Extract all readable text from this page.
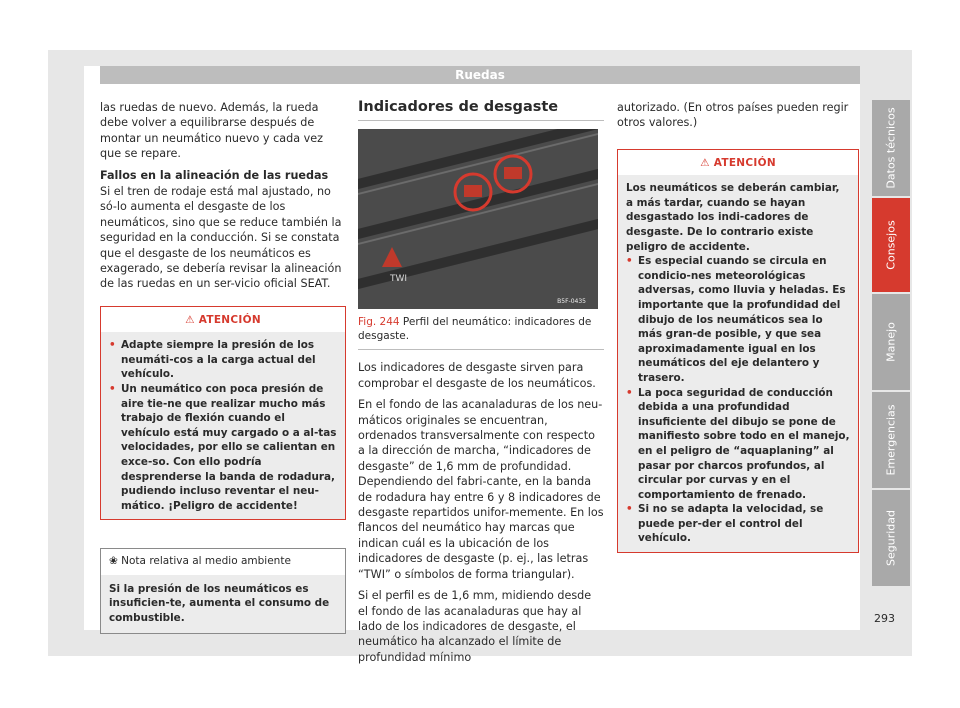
Ruedas

las ruedas de nuevo. Además, la rueda debe volver a equilibrarse después de montar un neumático nuevo y cada vez que se repare.

Fallos en la alineación de las ruedas

Si el tren de rodaje está mal ajustado, no só-lo aumenta el desgaste de los neumáticos, sino que se reduce también la seguridad en la conducción. Si se constata que el desgaste de los neumáticos es exagerado, se debería revisar la alineación de las ruedas en un ser-vicio oficial SEAT.

⚠ ATENCIÓN
• Adapte siempre la presión de los neumáti-cos a la carga actual del vehículo.
• Un neumático con poca presión de aire tie-ne que realizar mucho más trabajo de flexión cuando el vehículo está muy cargado o a al-tas velocidades, por ello se calientan en exce-so. Con ello podría desprenderse la banda de rodadura, pudiendo incluso reventar el neu-mático. ¡Peligro de accidente!
❀ Nota relativa al medio ambiente
Si la presión de los neumáticos es insuficien-te, aumenta el consumo de combustible.
Indicadores de desgaste
TWI
B5F-0435

Fig. 244 Perfil del neumático: indicadores de desgaste.

Los indicadores de desgaste sirven para comprobar el desgaste de los neumáticos.

En el fondo de las acanaladuras de los neu-máticos originales se encuentran, ordenados transversalmente con respecto a la dirección de marcha, “indicadores de desgaste” de 1,6 mm de profundidad. Dependiendo del fabri-cante, en la banda de rodadura hay entre 6 y 8 indicadores de desgaste repartidos unifor-memente. En los flancos del neumático hay marcas que indican cuál es la ubicación de los indicadores de desgaste (p. ej., las letras “TWI” o símbolos de forma triangular).

Si el perfil es de 1,6 mm, midiendo desde el fondo de las acanaladuras que hay al lado de los indicadores de desgaste, el neumático ha alcanzado el límite de profundidad mínimo

autorizado. (En otros países pueden regir otros valores.)

⚠ ATENCIÓN
Los neumáticos se deberán cambiar, a más tardar, cuando se hayan desgastado los indi-cadores de desgaste. De lo contrario existe peligro de accidente.
• Es especial cuando se circula en condicio-nes meteorológicas adversas, como lluvia y heladas. Es importante que la profundidad del dibujo de los neumáticos sea lo más gran-de posible, y que sea aproximadamente igual en los neumáticos del eje delantero y trasero.
• La poca seguridad de conducción debida a una profundidad insuficiente del dibujo se pone de manifiesto sobre todo en el manejo, en el peligro de “aquaplaning” al pasar por charcos profundos, al circular por curvas y en el comportamiento de frenado.
• Si no se adapta la velocidad, se puede per-der el control del vehículo.
Datos técnicos
Consejos
Manejo
Emergencias
Seguridad
293
